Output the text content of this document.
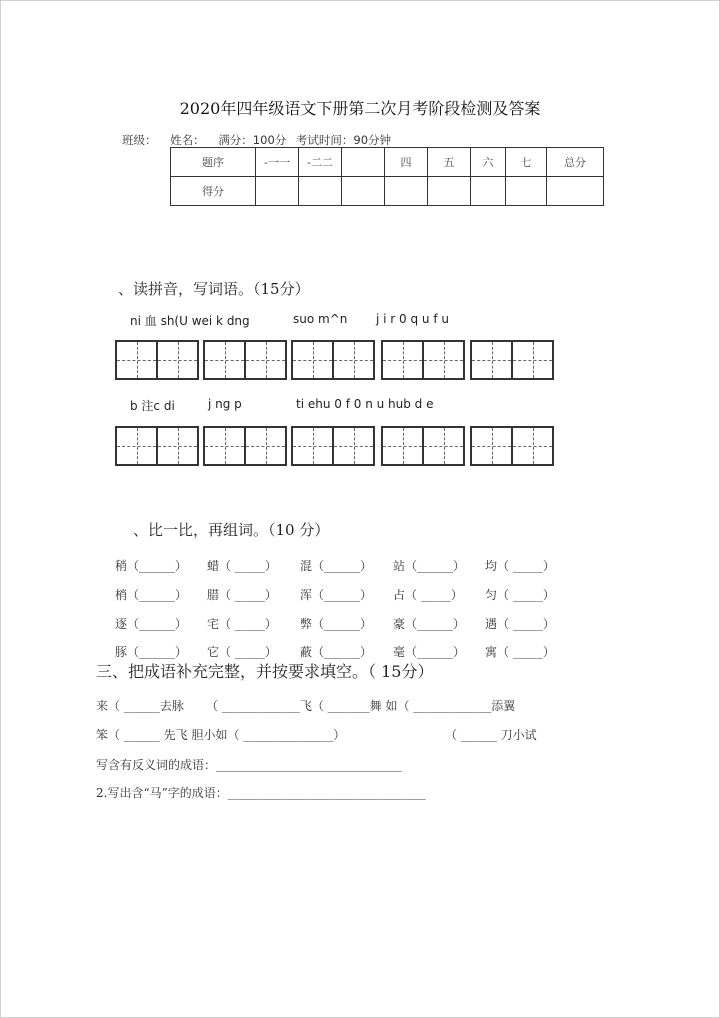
2020年四年级语文下册第二次月考阶段检测及答案
班级： 姓名： 满分：100分 考试时间：90分钟
题序	-一一	-二二		四	五	六	七	总分
得分								
、读拼音，写词语。（15分）
ni 血 sh(U wei k dng	suo m^n j i r 0 q u f u
b 注c di	j ng p	ti ehu 0 f 0 n u hub d e
、比一比，再组词。（10 分）
稍（______） 蜡（ _____） 混（______） 站（______） 均（ _____）
梢（______） 腊（ _____） 浑（______） 占（ _____） 匀（ _____）
逐（______） 宅（ _____） 弊（______） 豪（______） 遇（ _____）
豚（______） 它（ _____） 蔽（______） 毫（______） 寓（ _____）
三、把成语补充完整，并按要求填空。（ 15分）
来（ ______去脉 （ _____________飞（ _______舞 如（ _____________添翼
笨（ ______ 先飞 胆小如（ _______________）	（ ______ 刀小试
写含有反义词的成语：_______________________________
2.写出含“马”字的成语：_________________________________
